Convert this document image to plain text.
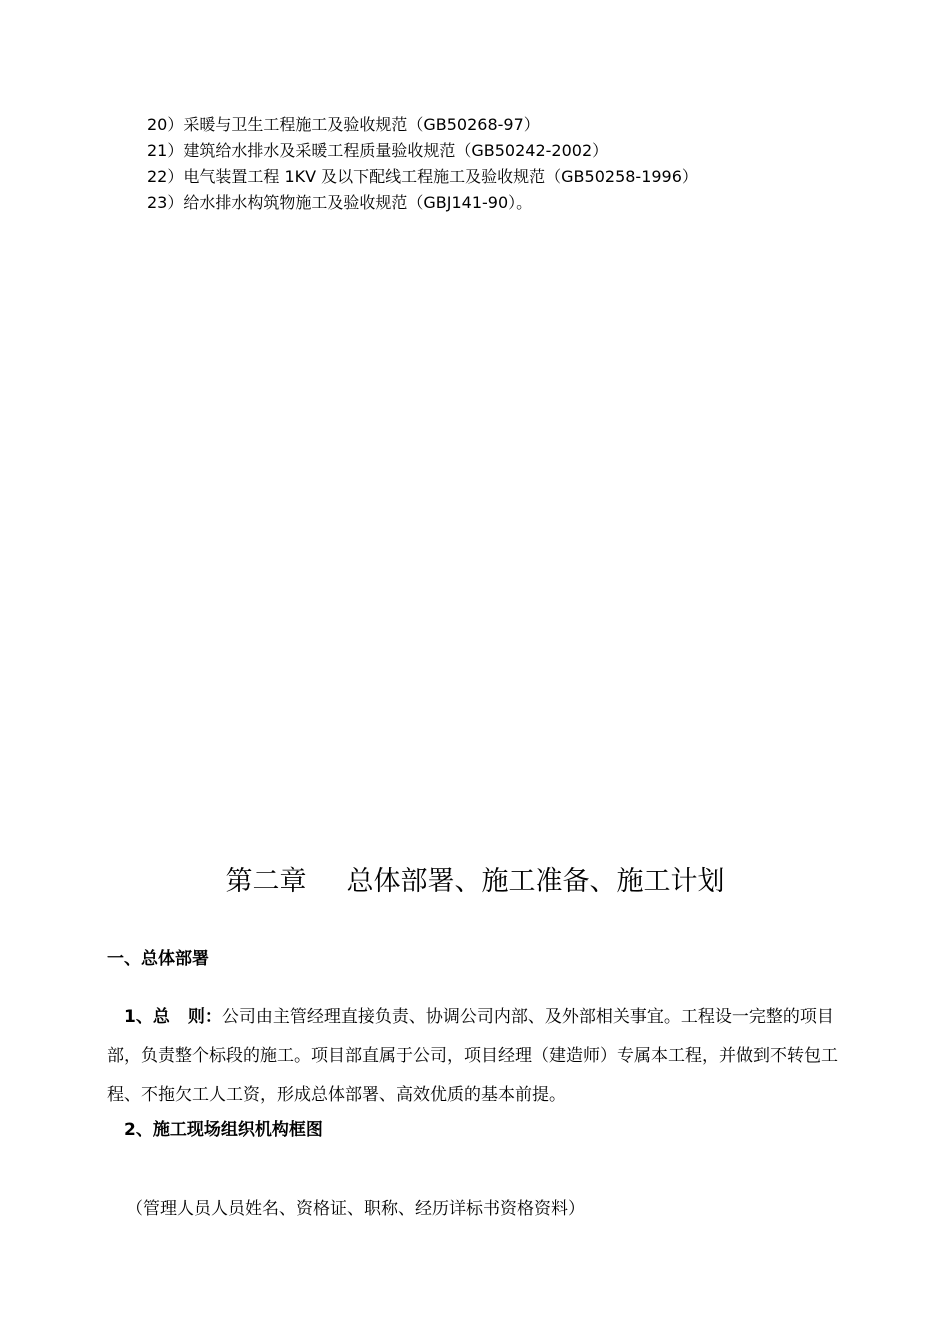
20）采暖与卫生工程施工及验收规范（GB50268-97）
21）建筑给水排水及采暖工程质量验收规范（GB50242-2002）
22）电气装置工程 1KV 及以下配线工程施工及验收规范（GB50258-1996）
23）给水排水构筑物施工及验收规范（GBJ141-90）。
第二章 总体部署、施工准备、施工计划
一、总体部署

1、总 则：公司由主管经理直接负责、协调公司内部、及外部相关事宜。工程设一完整的项目部，负责整个标段的施工。项目部直属于公司，项目经理（建造师）专属本工程，并做到不转包工程、不拖欠工人工资，形成总体部署、高效优质的基本前提。

2、施工现场组织机构框图

（管理人员人员姓名、资格证、职称、经历详标书资格资料）
